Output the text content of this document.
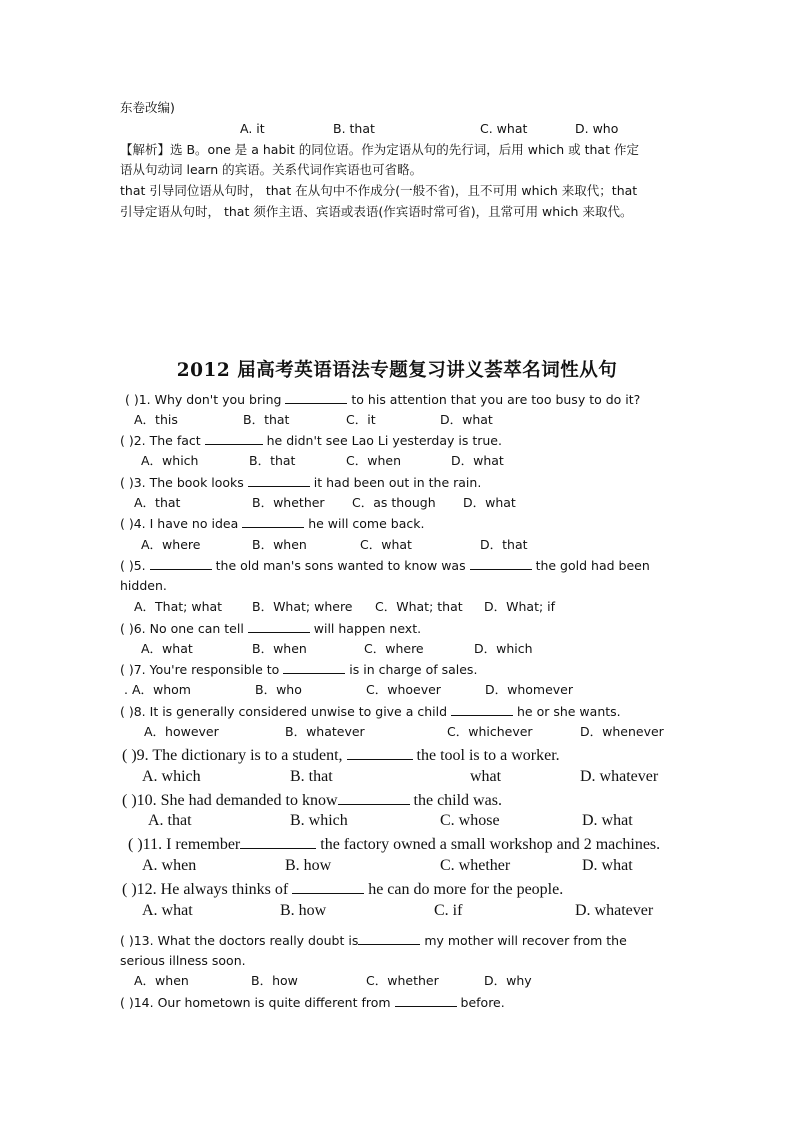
东卷改编)
A. it	B. that	C. what	D. who
【解析】选 B。one 是 a habit 的同位语。作为定语从句的先行词，后用 which 或 that 作定
语从句动词 learn 的宾语。关系代词作宾语也可省略。
that 引导同位语从句时， that 在从句中不作成分(一般不省)，且不可用 which 来取代；that
引导定语从句时， that 须作主语、宾语或表语(作宾语时常可省)，且常可用 which 来取代。
2012 届高考英语语法专题复习讲义荟萃名词性从句
( )1. Why don't you bring	to his attention that you are too busy to do it?
A．this	B．that	C．it	D．what
( )2. The fact	he didn't see Lao Li yesterday is true.
A．which	B．that	C．when	D．what
( )3. The book looks	it had been out in the rain.
A．that	B．whether C．as though D．what
( )4. I have no idea	he will come back.
A．where	B．when	C．what	D．that
( )5.	the old man's sons wanted to know was	the gold had been
hidden.
A．That; what B．What; where C．What; that D．What; if
( )6. No one can tell	will happen next.
A．what	B．when	C．where	D．which
( )7. You're responsible to	is in charge of sales.
. A．whom	B．who	C．whoever	D．whomever
( )8. It is generally considered unwise to give a child	he or she wants.
A．however	B．whatever	C．whichever	D．whenever
( )9. The dictionary is to a student,	the tool is to a worker.
A. which	B. that	what	D. whatever
( )10. She had demanded to know	the child was.
A. that	B. which	C. whose	D. what
( )11. I remember	the factory owned a small workshop and 2 machines.
A. when	B. how	C. whether	D. what
( )12. He always thinks of	he can do more for the people.
A. what	B. how	C. if	D. whatever
( )13. What the doctors really doubt is	my mother will recover from the
serious illness soon.
A．when	B．how	C．whether	D．why
( )14. Our hometown is quite different from	before.
